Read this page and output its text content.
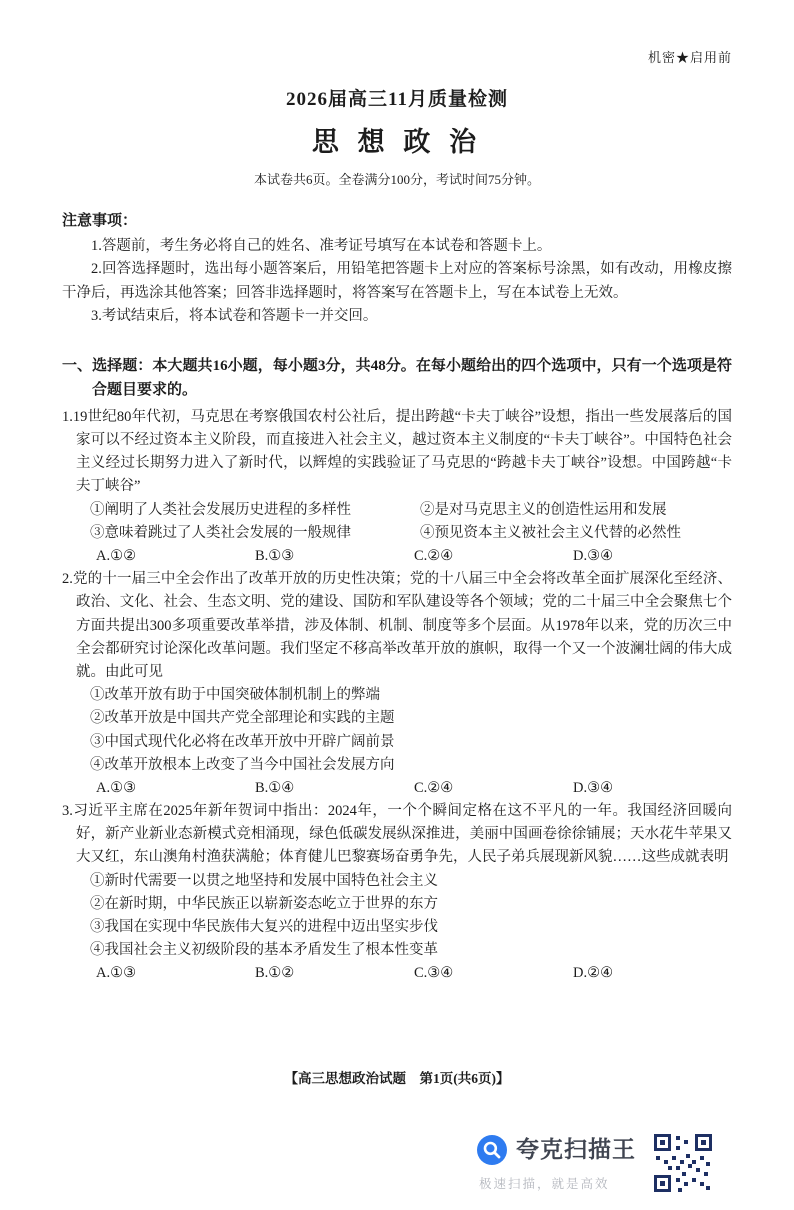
机密★启用前
2026届高三11月质量检测
思 想 政 治
本试卷共6页。全卷满分100分，考试时间75分钟。
注意事项：

1.答题前，考生务必将自己的姓名、准考证号填写在本试卷和答题卡上。

2.回答选择题时，选出每小题答案后，用铅笔把答题卡上对应的答案标号涂黑，如有改动，用橡皮擦干净后，再选涂其他答案；回答非选择题时，将答案写在答题卡上，写在本试卷上无效。

3.考试结束后，将本试卷和答题卡一并交回。

一、选择题：本大题共16小题，每小题3分，共48分。在每小题给出的四个选项中，只有一个选项是符合题目要求的。

1.19世纪80年代初，马克思在考察俄国农村公社后，提出跨越“卡夫丁峡谷”设想，指出一些发展落后的国家可以不经过资本主义阶段，而直接进入社会主义，越过资本主义制度的“卡夫丁峡谷”。中国特色社会主义经过长期努力进入了新时代，以辉煌的实践验证了马克思的“跨越卡夫丁峡谷”设想。中国跨越“卡夫丁峡谷”

①阐明了人类社会发展历史进程的多样性	②是对马克思主义的创造性运用和发展
③意味着跳过了人类社会发展的一般规律	④预见资本主义被社会主义代替的必然性
A.①②	B.①③	C.②④	D.③④

2.党的十一届三中全会作出了改革开放的历史性决策；党的十八届三中全会将改革全面扩展深化至经济、政治、文化、社会、生态文明、党的建设、国防和军队建设等各个领域；党的二十届三中全会聚焦七个方面共提出300多项重要改革举措，涉及体制、机制、制度等多个层面。从1978年以来，党的历次三中全会都研究讨论深化改革问题。我们坚定不移高举改革开放的旗帜，取得一个又一个波澜壮阔的伟大成就。由此可见

①改革开放有助于中国突破体制机制上的弊端
②改革开放是中国共产党全部理论和实践的主题
③中国式现代化必将在改革开放中开辟广阔前景
④改革开放根本上改变了当今中国社会发展方向
A.①③	B.①④	C.②④	D.③④

3.习近平主席在2025年新年贺词中指出：2024年，一个个瞬间定格在这不平凡的一年。我国经济回暖向好，新产业新业态新模式竞相涌现，绿色低碳发展纵深推进，美丽中国画卷徐徐铺展；天水花牛苹果又大又红，东山澳角村渔获满舱；体育健儿巴黎赛场奋勇争先，人民子弟兵展现新风貌……这些成就表明

①新时代需要一以贯之地坚持和发展中国特色社会主义
②在新时期，中华民族正以崭新姿态屹立于世界的东方
③我国在实现中华民族伟大复兴的进程中迈出坚实步伐
④我国社会主义初级阶段的基本矛盾发生了根本性变革
A.①③	B.①②	C.③④	D.②④
【高三思想政治试题　第1页(共6页)】
夸克扫描王
极速扫描，就是高效
